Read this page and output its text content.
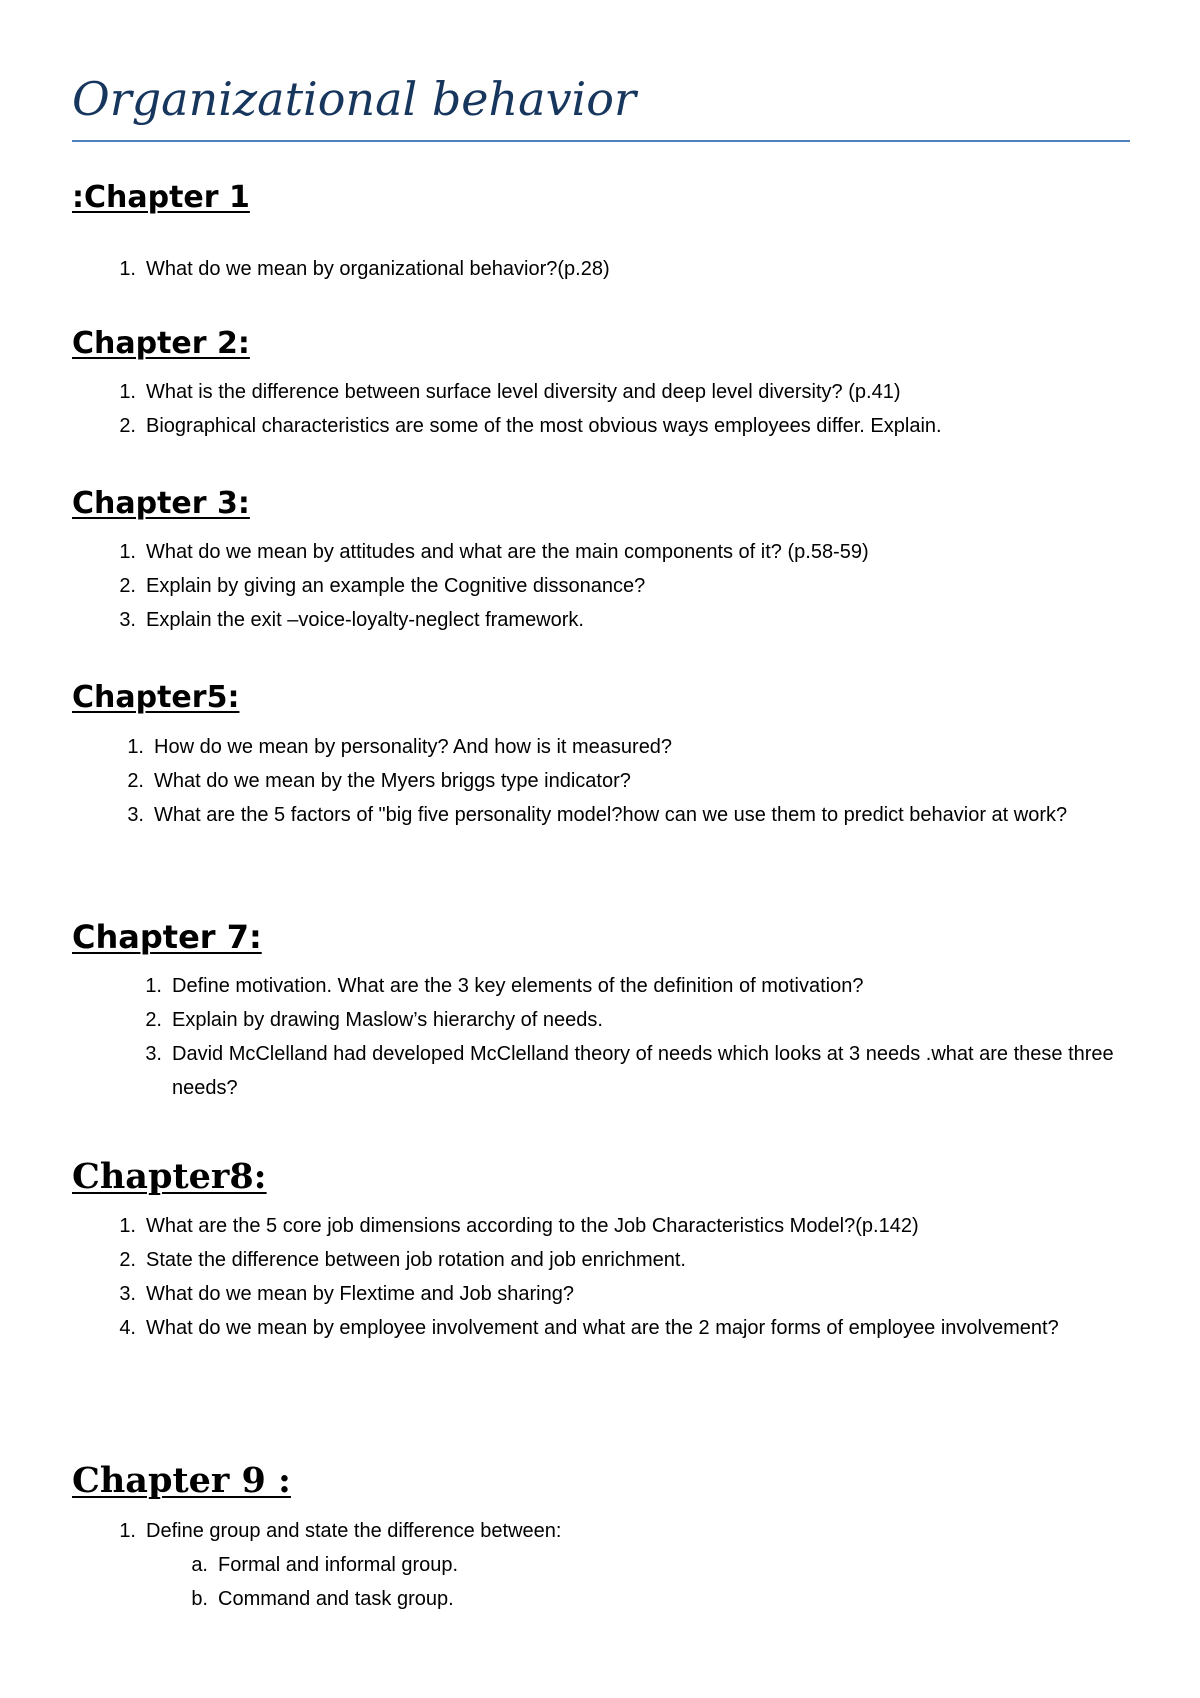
Organizational behavior
:Chapter 1
1. What do we mean by organizational behavior?(p.28)
Chapter 2:
1. What is the difference between surface level diversity and deep level diversity? (p.41)
2. Biographical characteristics are some of the most obvious ways employees differ. Explain.
Chapter 3:
1. What do we mean by attitudes and what are the main components of it? (p.58-59)
2. Explain by giving an example the Cognitive dissonance?
3. Explain the exit –voice-loyalty-neglect framework.
Chapter5:
1. How do we mean by personality? And how is it measured?
2. What do we mean by the Myers briggs type indicator?
3. What are the 5 factors of "big five personality model?how can we use them to predict behavior at work?
Chapter 7:
1. Define motivation. What are the 3 key elements of the definition of motivation?
2. Explain by drawing Maslow’s hierarchy of needs.
3. David McClelland had developed McClelland theory of needs which looks at 3 needs .what are these three needs?
Chapter8:
1. What are the 5 core job dimensions according to the Job Characteristics Model?(p.142)
2. State the difference between job rotation and job enrichment.
3. What do we mean by Flextime and Job sharing?
4. What do we mean by employee involvement and what are the 2 major forms of employee involvement?
Chapter 9 :
1. Define group and state the difference between:
a. Formal and informal group.
b. Command and task group.
